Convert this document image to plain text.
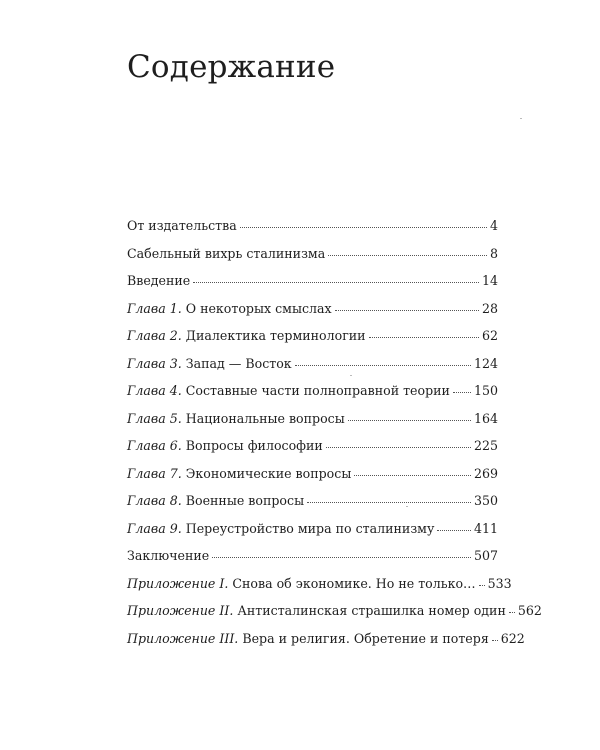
Содержание
От издательства	4
Сабельный вихрь сталинизма	8
Введение	14
Глава 1. О некоторых смыслах	28
Глава 2. Диалектика терминологии	62
Глава 3. Запад — Восток	124
Глава 4. Составные части полноправной теории 150
Глава 5. Национальные вопросы	164
Глава 6. Вопросы философии	225
Глава 7. Экономические вопросы	269
Глава 8. Военные вопросы	350
Глава 9. Переустройство мира по сталинизму	411
Заключение	507
Приложение I. Снова об экономике. Но не только… 533
Приложение II. Антисталинская страшилка номер один 562
Приложение III. Вера и религия. Обретение и потеря 622
